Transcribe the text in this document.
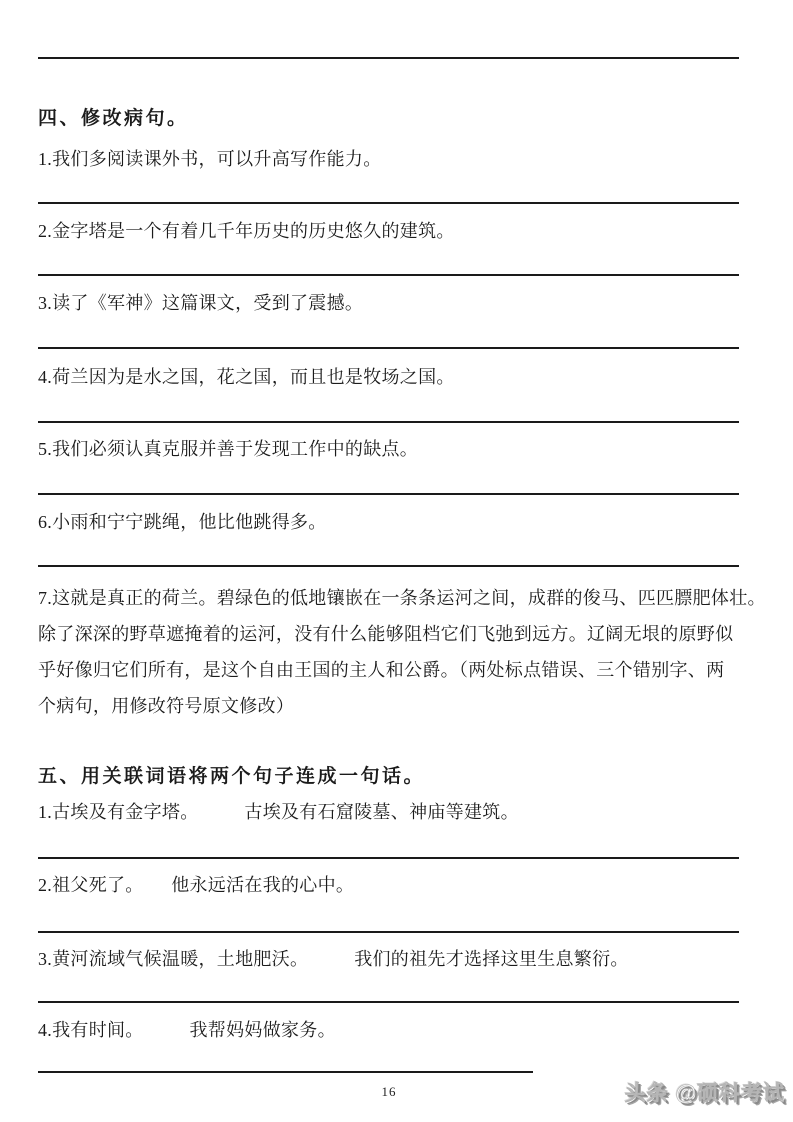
四、修改病句。
1.我们多阅读课外书，可以升高写作能力。
2.金字塔是一个有着几千年历史的历史悠久的建筑。
3.读了《军神》这篇课文，受到了震撼。
4.荷兰因为是水之国，花之国，而且也是牧场之国。
5.我们必须认真克服并善于发现工作中的缺点。
6.小雨和宁宁跳绳，他比他跳得多。
7.这就是真正的荷兰。碧绿色的低地镶嵌在一条条运河之间，成群的俊马、匹匹膘肥体壮。
除了深深的野草遮掩着的运河，没有什么能够阻档它们飞弛到远方。辽阔无垠的原野似
乎好像归它们所有，是这个自由王国的主人和公爵。（两处标点错误、三个错别字、两
个病句，用修改符号原文修改）
五、用关联词语将两个句子连成一句话。
1.古埃及有金字塔。　　　古埃及有石窟陵墓、神庙等建筑。
2.祖父死了。　　他永远活在我的心中。
3.黄河流域气候温暖，土地肥沃。　　　我们的祖先才选择这里生息繁衍。
4.我有时间。　　　我帮妈妈做家务。
16	头条 @硕科考试
